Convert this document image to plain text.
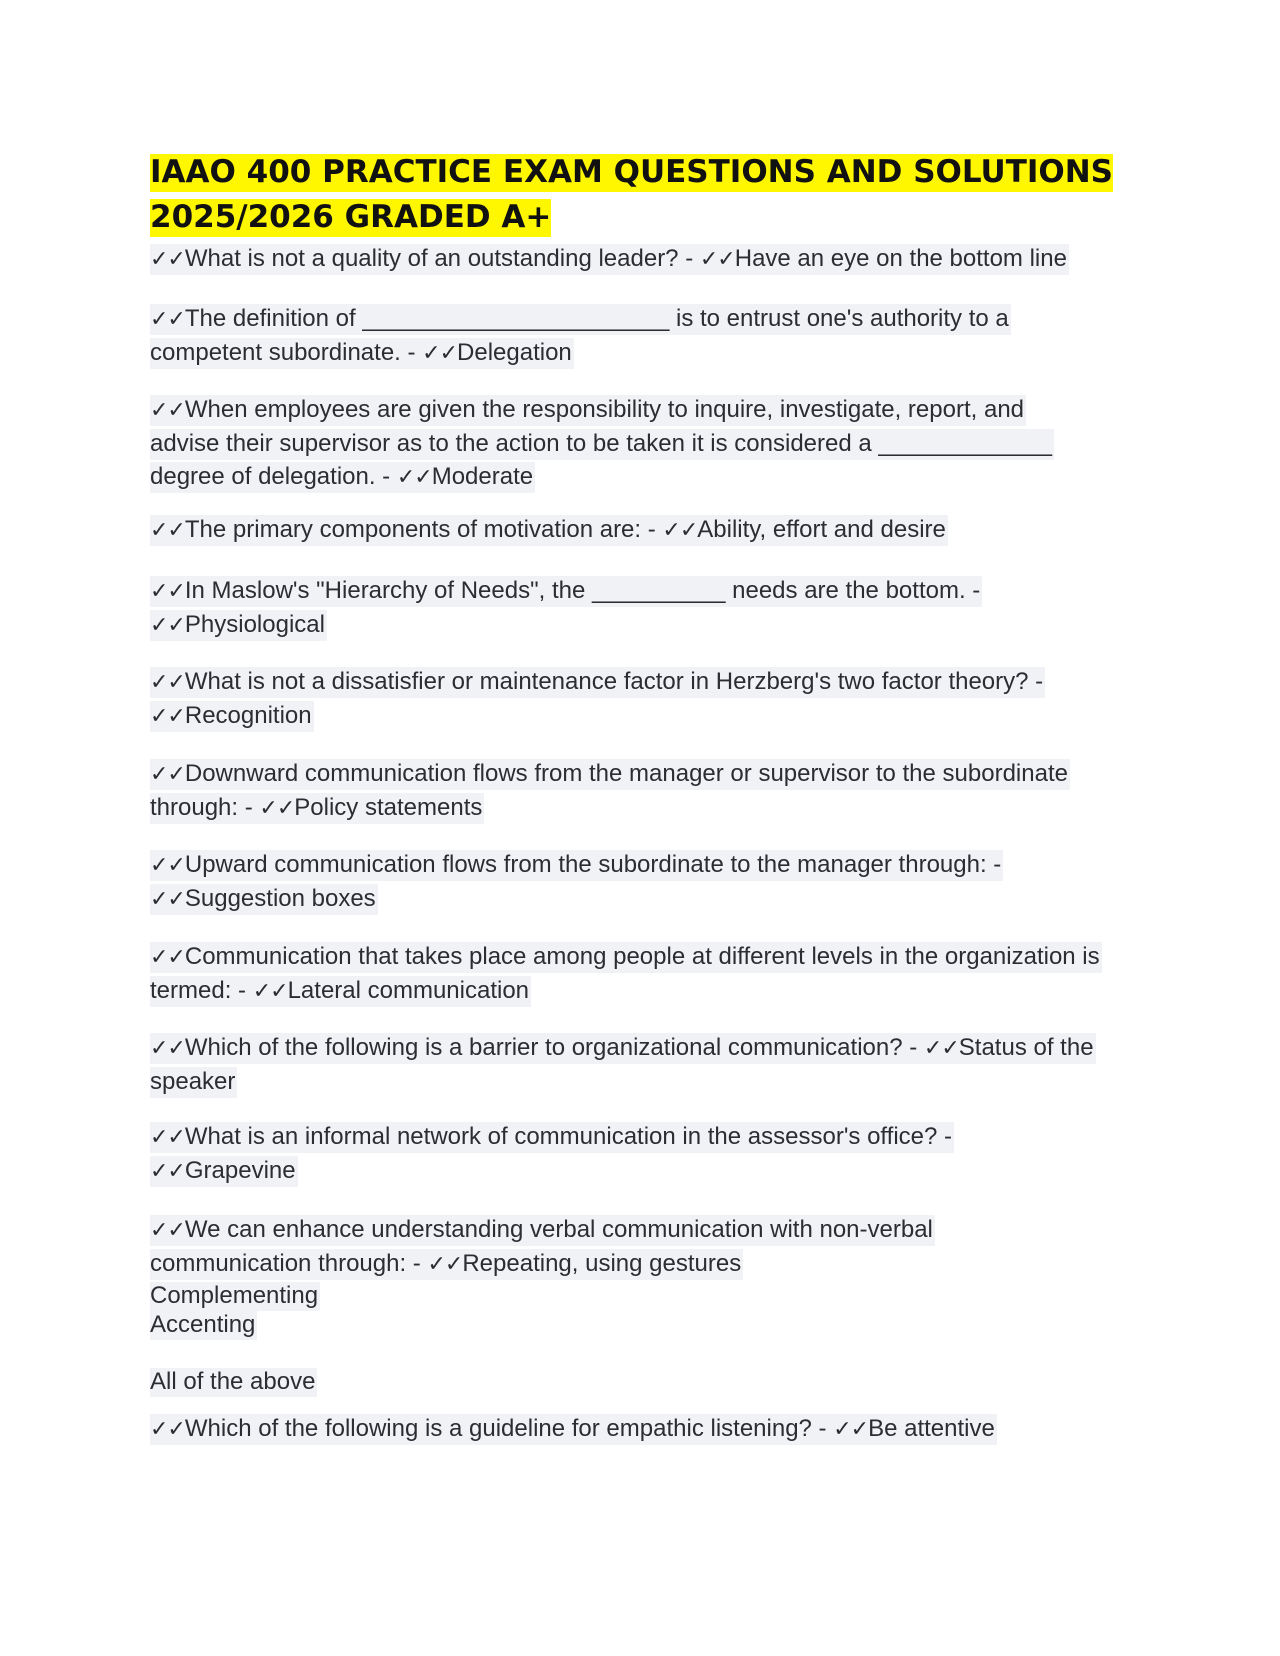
IAAO 400 PRACTICE EXAM QUESTIONS AND SOLUTIONS
2025/2026 GRADED A+

✓✓What is not a quality of an outstanding leader? - ✓✓Have an eye on the bottom line

✓✓The definition of _______________________ is to entrust one's authority to a competent subordinate. - ✓✓Delegation

✓✓When employees are given the responsibility to inquire, investigate, report, and advise their supervisor as to the action to be taken it is considered a _____________ degree of delegation. - ✓✓Moderate

✓✓The primary components of motivation are: - ✓✓Ability, effort and desire

✓✓In Maslow's "Hierarchy of Needs", the __________ needs are the bottom. - ✓✓Physiological

✓✓What is not a dissatisfier or maintenance factor in Herzberg's two factor theory? - ✓✓Recognition

✓✓Downward communication flows from the manager or supervisor to the subordinate through: - ✓✓Policy statements

✓✓Upward communication flows from the subordinate to the manager through: - ✓✓Suggestion boxes

✓✓Communication that takes place among people at different levels in the organization is termed: - ✓✓Lateral communication

✓✓Which of the following is a barrier to organizational communication? - ✓✓Status of the speaker

✓✓What is an informal network of communication in the assessor's office? - ✓✓Grapevine

✓✓We can enhance understanding verbal communication with non-verbal communication through: - ✓✓Repeating, using gestures
Complementing
Accenting
All of the above

✓✓Which of the following is a guideline for empathic listening? - ✓✓Be attentive
